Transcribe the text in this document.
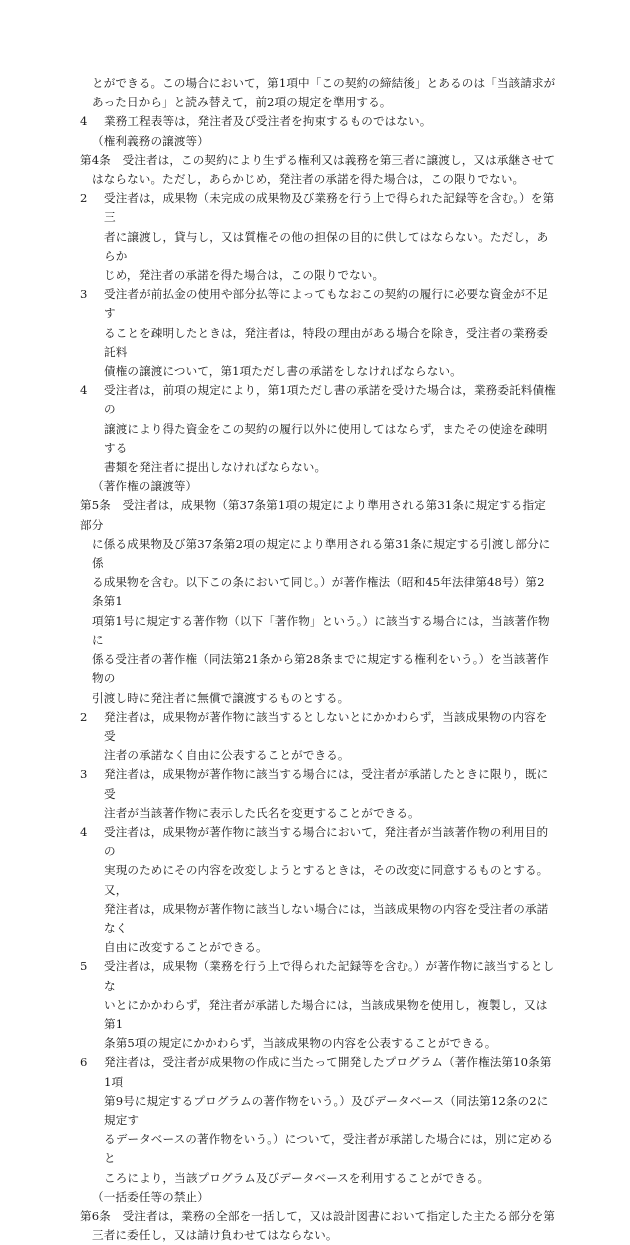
とができる。この場合において，第1項中「この契約の締結後」とあるのは「当該請求が
あった日から」と読み替えて，前2項の規定を準用する。
4	業務工程表等は，発注者及び受注者を拘束するものではない。
（権利義務の譲渡等）
第4条　 受注者は，この契約により生ずる権利又は義務を第三者に譲渡し，又は承継させて
はならない。ただし，あらかじめ，発注者の承諾を得た場合は，この限りでない。
2	受注者は，成果物（未完成の成果物及び業務を行う上で得られた記録等を含む。）を第三
者に譲渡し，貸与し，又は質権その他の担保の目的に供してはならない。ただし，あらか
じめ，発注者の承諾を得た場合は，この限りでない。
3	受注者が前払金の使用や部分払等によってもなおこの契約の履行に必要な資金が不足す
ることを疎明したときは，発注者は，特段の理由がある場合を除き，受注者の業務委託料
債権の譲渡について，第1項ただし書の承諾をしなければならない。
4	受注者は，前項の規定により，第1項ただし書の承諾を受けた場合は，業務委託料債権の
譲渡により得た資金をこの契約の履行以外に使用してはならず，またその使途を疎明する
書類を発注者に提出しなければならない。
（著作権の譲渡等）
第5条　 受注者は，成果物（第37条第1項の規定により準用される第31条に規定する指定部分
に係る成果物及び第37条第2項の規定により準用される第31条に規定する引渡し部分に係
る成果物を含む。以下この条において同じ。）が著作権法（昭和45年法律第48号）第2条第1
項第1号に規定する著作物（以下「著作物」という。）に該当する場合には，当該著作物に
係る受注者の著作権（同法第21条から第28条までに規定する権利をいう。）を当該著作物の
引渡し時に発注者に無償で譲渡するものとする。
2	発注者は，成果物が著作物に該当するとしないとにかかわらず，当該成果物の内容を受
注者の承諾なく自由に公表することができる。
3	発注者は，成果物が著作物に該当する場合には，受注者が承諾したときに限り，既に受
注者が当該著作物に表示した氏名を変更することができる。
4	受注者は，成果物が著作物に該当する場合において，発注者が当該著作物の利用目的の
実現のためにその内容を改変しようとするときは，その改変に同意するものとする。又，
発注者は，成果物が著作物に該当しない場合には，当該成果物の内容を受注者の承諾なく
自由に改変することができる。
5	受注者は，成果物（業務を行う上で得られた記録等を含む。）が著作物に該当するとしな
いとにかかわらず，発注者が承諾した場合には，当該成果物を使用し，複製し，又は第1
条第5項の規定にかかわらず，当該成果物の内容を公表することができる。
6	発注者は，受注者が成果物の作成に当たって開発したプログラム（著作権法第10条第1項
第9号に規定するプログラムの著作物をいう。）及びデータベース（同法第12条の2に規定す
るデータベースの著作物をいう。）について，受注者が承諾した場合には，別に定めると
ころにより，当該プログラム及びデータベースを利用することができる。
（一括委任等の禁止）
第6条　 受注者は，業務の全部を一括して，又は設計図書において指定した主たる部分を第
三者に委任し，又は請け負わせてはならない。
